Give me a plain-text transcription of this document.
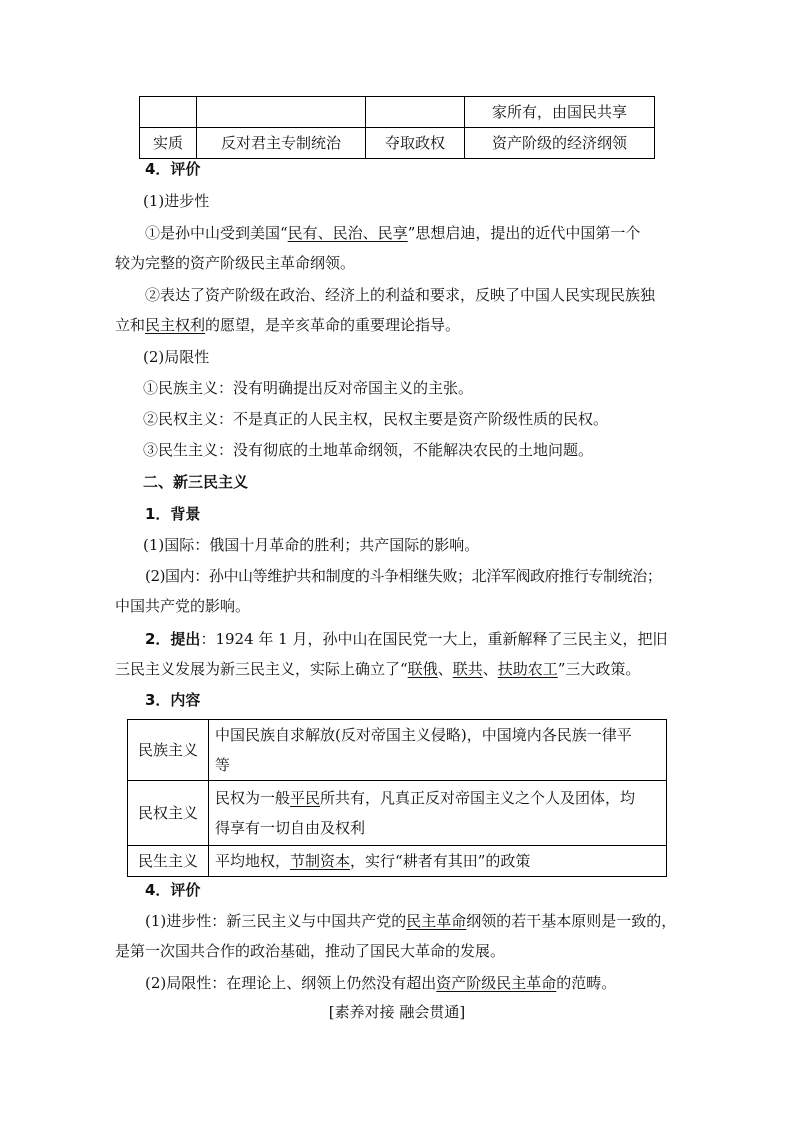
			家所有，由国民共享
实质	反对君主专制统治	夺取政权	资产阶级的经济纲领
4．评价
(1)进步性
①是孙中山受到美国“民有、民治、民享”思想启迪，提出的近代中国第一个
较为完整的资产阶级民主革命纲领。
②表达了资产阶级在政治、经济上的利益和要求，反映了中国人民实现民族独
立和民主权利的愿望，是辛亥革命的重要理论指导。
(2)局限性
①民族主义：没有明确提出反对帝国主义的主张。
②民权主义：不是真正的人民主权，民权主要是资产阶级性质的民权。
③民生主义：没有彻底的土地革命纲领，不能解决农民的土地问题。
二、新三民主义
1．背景
(1)国际：俄国十月革命的胜利；共产国际的影响。
(2)国内：孙中山等维护共和制度的斗争相继失败；北洋军阀政府推行专制统治；
中国共产党的影响。
2．提出：1924 年 1 月，孙中山在国民党一大上，重新解释了三民主义，把旧
三民主义发展为新三民主义，实际上确立了“联俄、联共、扶助农工”三大政策。
3．内容
民族主义	中国民族自求解放(反对帝国主义侵略)，中国境内各民族一律平
等

民权主义	民权为一般平民所共有，凡真正反对帝国主义之个人及团体，均
得享有一切自由及权利

民生主义	平均地权，节制资本，实行“耕者有其田”的政策
4．评价
(1)进步性：新三民主义与中国共产党的民主革命纲领的若干基本原则是一致的，
是第一次国共合作的政治基础，推动了国民大革命的发展。
(2)局限性：在理论上、纲领上仍然没有超出资产阶级民主革命的范畴。
[素养对接 融会贯通]
